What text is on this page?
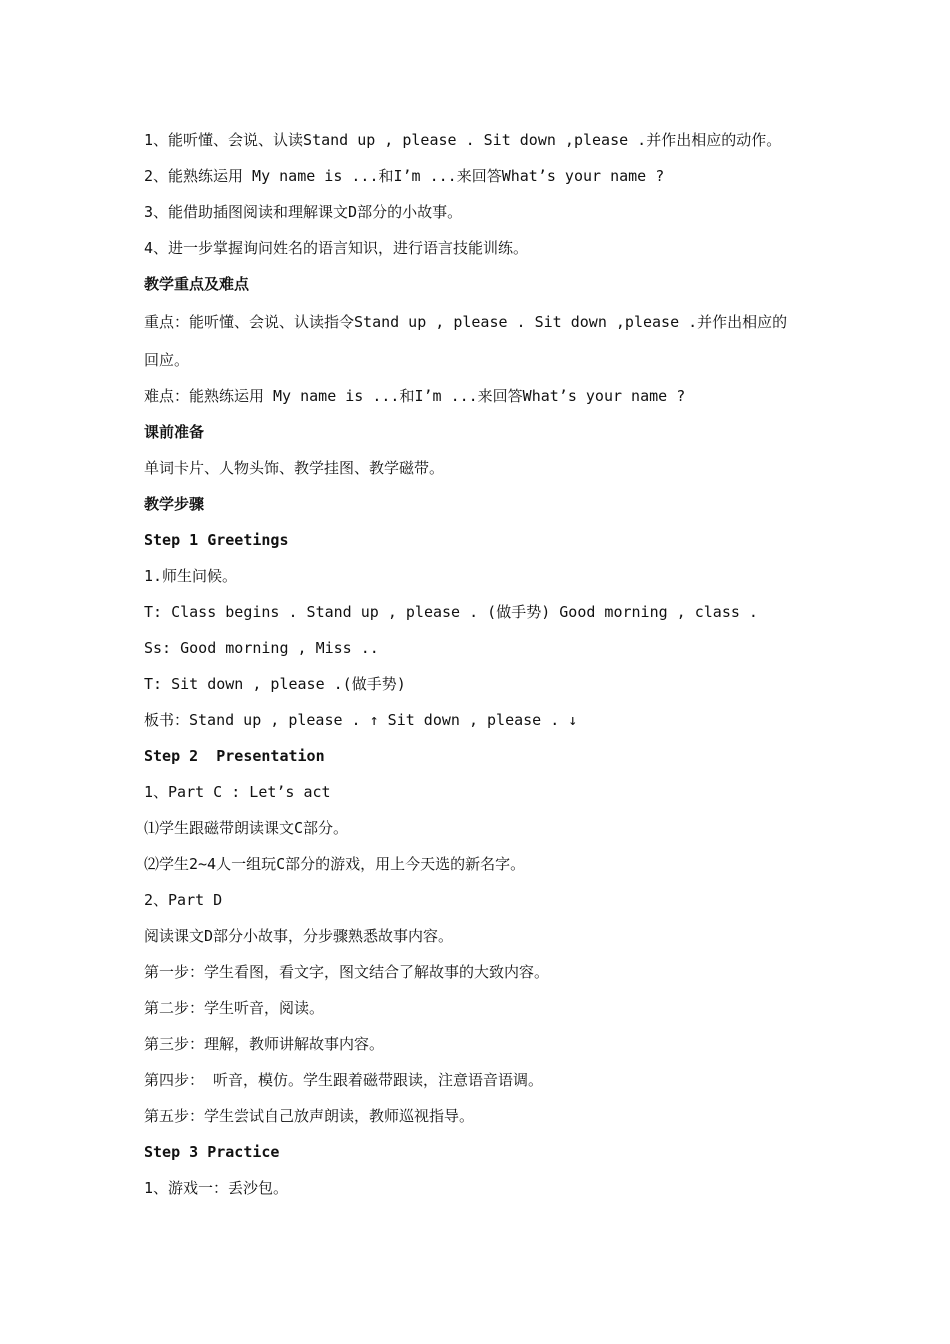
1、能听懂、会说、认读Stand up , please . Sit down ,please .并作出相应的动作。
2、能熟练运用 My name is ...和I’m ...来回答What’s your name ?
3、能借助插图阅读和理解课文D部分的小故事。
4、进一步掌握询问姓名的语言知识，进行语言技能训练。
教学重点及难点
重点：能听懂、会说、认读指令Stand up , please . Sit down ,please .并作出相应的
回应。
难点：能熟练运用 My name is ...和I’m ...来回答What’s your name ?
课前准备
单词卡片、人物头饰、教学挂图、教学磁带。
教学步骤
Step 1 Greetings
1.师生问候。
T: Class begins . Stand up , please . (做手势) Good morning , class .
Ss: Good morning , Miss ..
T: Sit down , please .(做手势)
板书：Stand up , please . ↑ Sit down , please . ↓
Step 2  Presentation
1、Part C : Let’s act
⑴学生跟磁带朗读课文C部分。
⑵学生2~4人一组玩C部分的游戏，用上今天选的新名字。
2、Part D
阅读课文D部分小故事，分步骤熟悉故事内容。
第一步：学生看图，看文字，图文结合了解故事的大致内容。
第二步：学生听音，阅读。
第三步：理解，教师讲解故事内容。
第四步： 听音，模仿。学生跟着磁带跟读，注意语音语调。
第五步：学生尝试自己放声朗读，教师巡视指导。
Step 3 Practice
1、游戏一：丢沙包。
